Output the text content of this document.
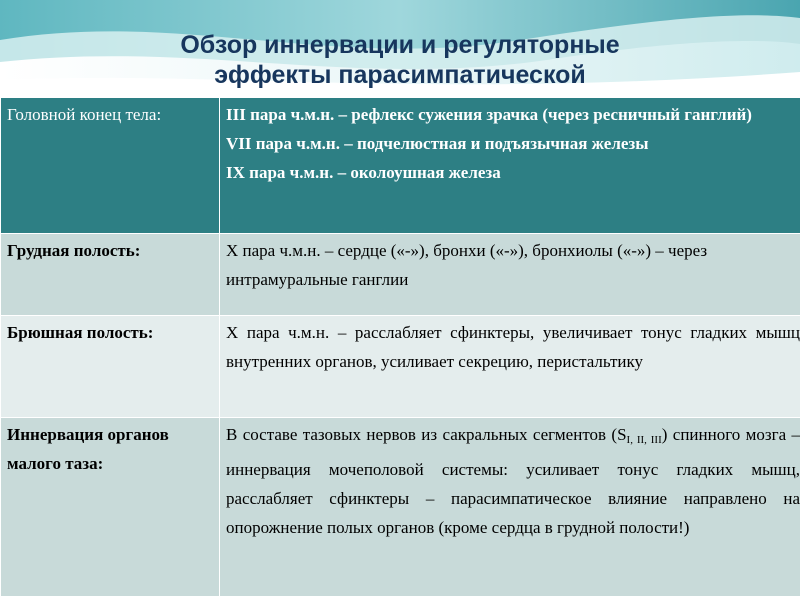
Обзор иннервации и регуляторные
эффекты парасимпатической
Головной конец тела:	III пара ч.м.н. – рефлекс сужения зрачка (через ресничный ганглий)
VII пара ч.м.н. – подчелюстная и подъязычная железы
IX пара ч.м.н. – околоушная железа

Грудная полость:	X пара ч.м.н. – сердце («-»), бронхи («-»), бронхиолы («-») – через интрамуральные ганглии
Брюшная полость:	X пара ч.м.н. – расслабляет сфинктеры, увеличивает тонус гладких мышц внутренних органов, усиливает секрецию, перистальтику
Иннервация органов малого таза:	В составе тазовых нервов из сакральных сегментов $(S_{I, II, III})$ спинного мозга – иннервация мочеполовой системы: усиливает тонус гладких мышц, расслабляет сфинктеры – парасимпатическое влияние направлено на опорожнение полых органов (кроме сердца в грудной полости!)
